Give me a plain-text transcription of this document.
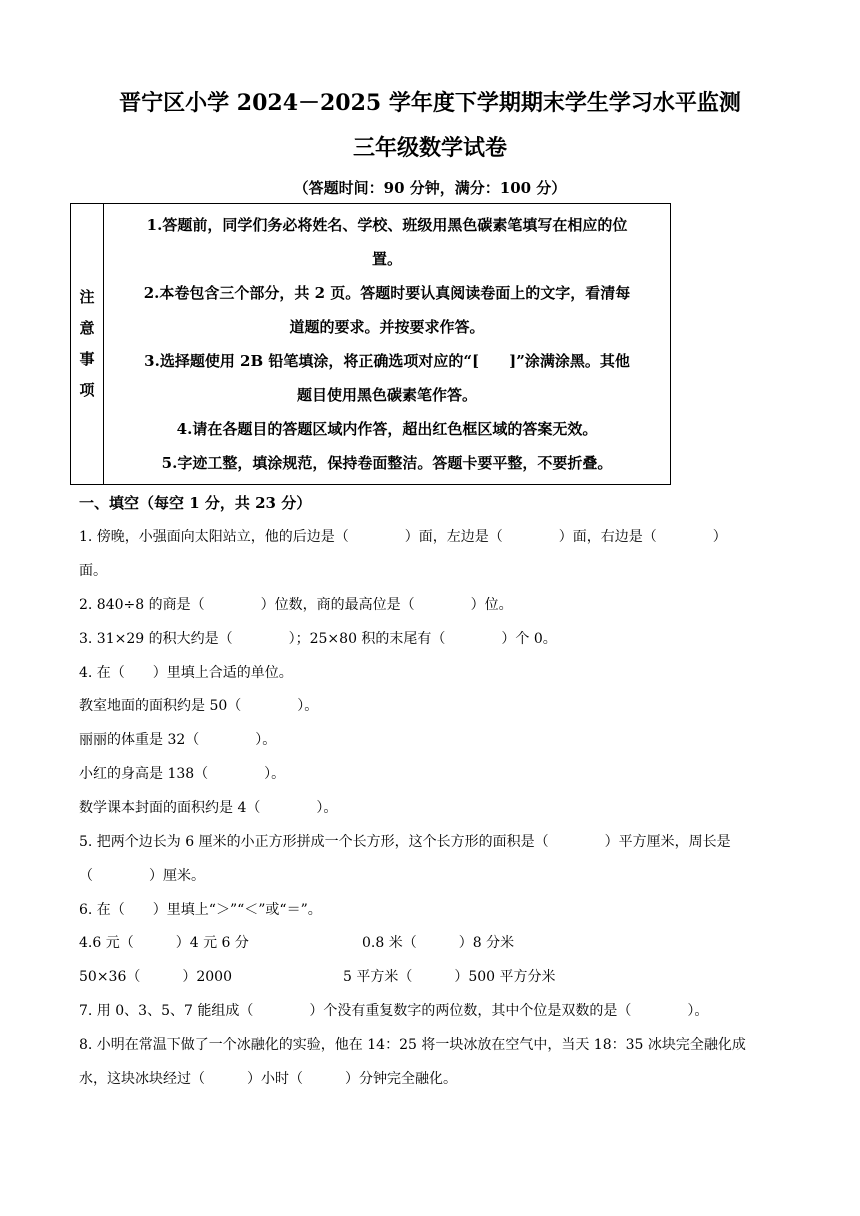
晋宁区小学 2024－2025 学年度下学期期末学生学习水平监测
三年级数学试卷
（答题时间：90 分钟，满分：100 分）
注
意
事
项

1.答题前，同学们务必将姓名、学校、班级用黑色碳素笔填写在相应的位
置。
2.本卷包含三个部分，共 2 页。答题时要认真阅读卷面上的文字，看清每
道题的要求。并按要求作答。
3.选择题使用 2B 铅笔填涂，将正确选项对应的“[　　]”涂满涂黑。其他
题目使用黑色碳素笔作答。
4.请在各题目的答题区域内作答，超出红色框区域的答案无效。
5.字迹工整，填涂规范，保持卷面整洁。答题卡要平整，不要折叠。
一、填空（每空 1 分，共 23 分）
1. 傍晚，小强面向太阳站立，他的后边是（　　　　）面，左边是（　　　　）面，右边是（　　　　）
面。
2. 840÷8 的商是（　　　　）位数，商的最高位是（　　　　）位。
3. 31×29 的积大约是（　　　　）；25×80 积的末尾有（　　　　）个 0。
4. 在（　　）里填上合适的单位。
教室地面的面积约是 50（　　　　）。
丽丽的体重是 32（　　　　）。
小红的身高是 138（　　　　）。
数学课本封面的面积约是 4（　　　　）。
5. 把两个边长为 6 厘米的小正方形拼成一个长方形，这个长方形的面积是（　　　　）平方厘米，周长是
（　　　　）厘米。
6. 在（　　）里填上“＞”“＜”或“＝”。
4.6 元（　　　）4 元 6 分	0.8 米（　　　）8 分米
50×36（　　　）2000	5 平方米（　　　）500 平方分米
7. 用 0、3、5、7 能组成（　　　　）个没有重复数字的两位数，其中个位是双数的是（　　　　）。
8. 小明在常温下做了一个冰融化的实验，他在 14：25 将一块冰放在空气中，当天 18：35 冰块完全融化成
水，这块冰块经过（　　　）小时（　　　）分钟完全融化。
